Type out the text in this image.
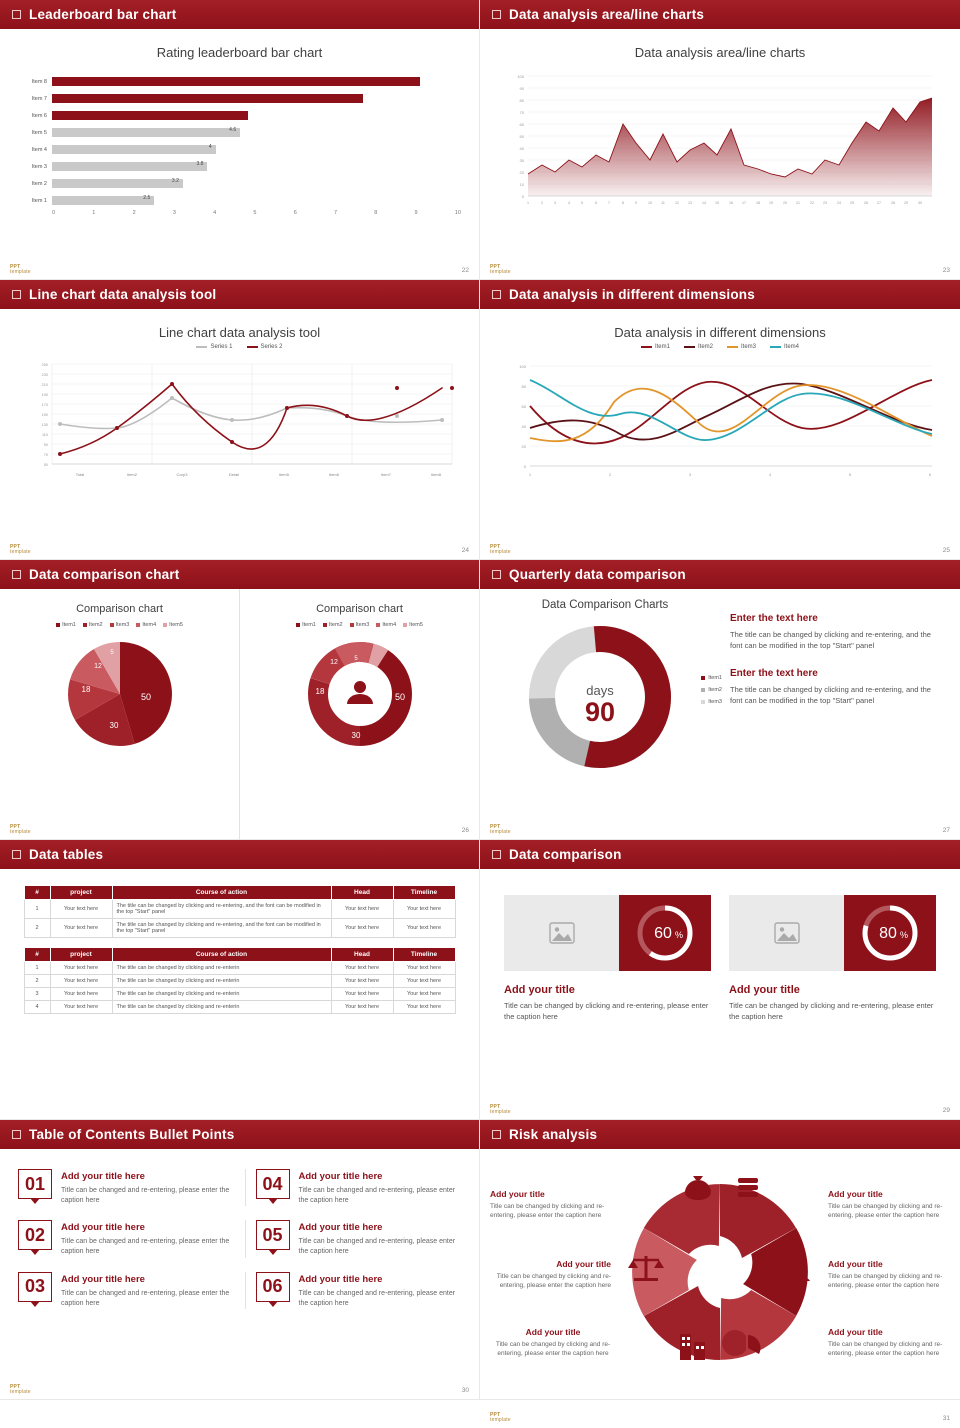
Leaderboard bar chart
Rating leaderboard bar chart
Item 8
Item 7
Item 6
Item 5	4.6
Item 4	4
Item 3	3.8
Item 2	3.2
Item 1	2.5
0	1	2	3	4	5	6	7	8	9	10
PPT
template	22
Data analysis area/line charts
Data analysis area/line charts
100
90
80
70
60
50
40
30
20
10
0
1	2	3	4	5	6	7	8	9	10	11	12	13	14	15	16	17	18	19	20	21	22	23	24	25	26	27	28	29	30
PPT
template	23
Line chart data analysis tool
Line chart data analysis tool
Series 1	Series 2
250
230
210
190
170
150
130
110
90
70
50
Total	Item2	Corp3	Detail	Item5	Item6	Item7	Item8
PPT
template	24
Data analysis in different dimensions
Data analysis in different dimensions
Item1	Item2	Item3	Item4
100
80
60
40
20
0
1	2	3	4	5	6
PPT
template	25
Data comparison chart
Comparison chart
Item1 Item2 Item3 Item4 Item5
50
30
18
12
5
Comparison chart
Item1 Item2 Item3 Item4 Item5
50
30
18
12	5
PPT
template	26
Quarterly data comparison
Data Comparison Charts
days
90
Item1
Item2
Item3
Enter the text here

The title can be changed by clicking and re-entering, and the font can be modified in the top "Start" panel

Enter the text here

The title can be changed by clicking and re-entering, and the font can be modified in the top "Start" panel

PPT
template	27
Data tables
#	project	Course of action	Head	Timeline
1	Your text here	The title can be changed by clicking and re-entering, and the font can be modified in the top "Start" panel	Your text here	Your text here
2	Your text here	The title can be changed by clicking and re-entering, and the font can be modified in the top "Start" panel	Your text here	Your text here
#	project	Course of action	Head	Timeline
1	Your text here	The title can be changed by clicking and re-enterin	Your text here	Your text here
2	Your text here	The title can be changed by clicking and re-enterin	Your text here	Your text here
3	Your text here	The title can be changed by clicking and re-enterin	Your text here	Your text here
4	Your text here	The title can be changed by clicking and re-enterin	Your text here	Your text here
Data comparison
60 %
Add your title

Title can be changed by clicking and re-entering, please enter the caption here

80 %
Add your title

Title can be changed by clicking and re-entering, please enter the caption here

PPT
template	29
Table of Contents Bullet Points
01	Add your title here

Title can be changed and re-entering, please enter the caption here

04	Add your title here

Title can be changed and re-entering, please enter the caption here

02	Add your title here

Title can be changed and re-entering, please enter the caption here

05	Add your title here

Title can be changed and re-entering, please enter the caption here

03	Add your title here

Title can be changed and re-entering, please enter the caption here

06	Add your title here

Title can be changed and re-entering, please enter the caption here

PPT
template	30
Risk analysis
Add your title

Title can be changed by clicking and re-entering, please enter the caption here

Add your title

Title can be changed by clicking and re-entering, please enter the caption here

Add your title

Title can be changed by clicking and re-entering, please enter the caption here

Add your title

Title can be changed by clicking and re-entering, please enter the caption here

Add your title

Title can be changed by clicking and re-entering, please enter the caption here

Add your title

Title can be changed by clicking and re-entering, please enter the caption here

PPT
template	31
